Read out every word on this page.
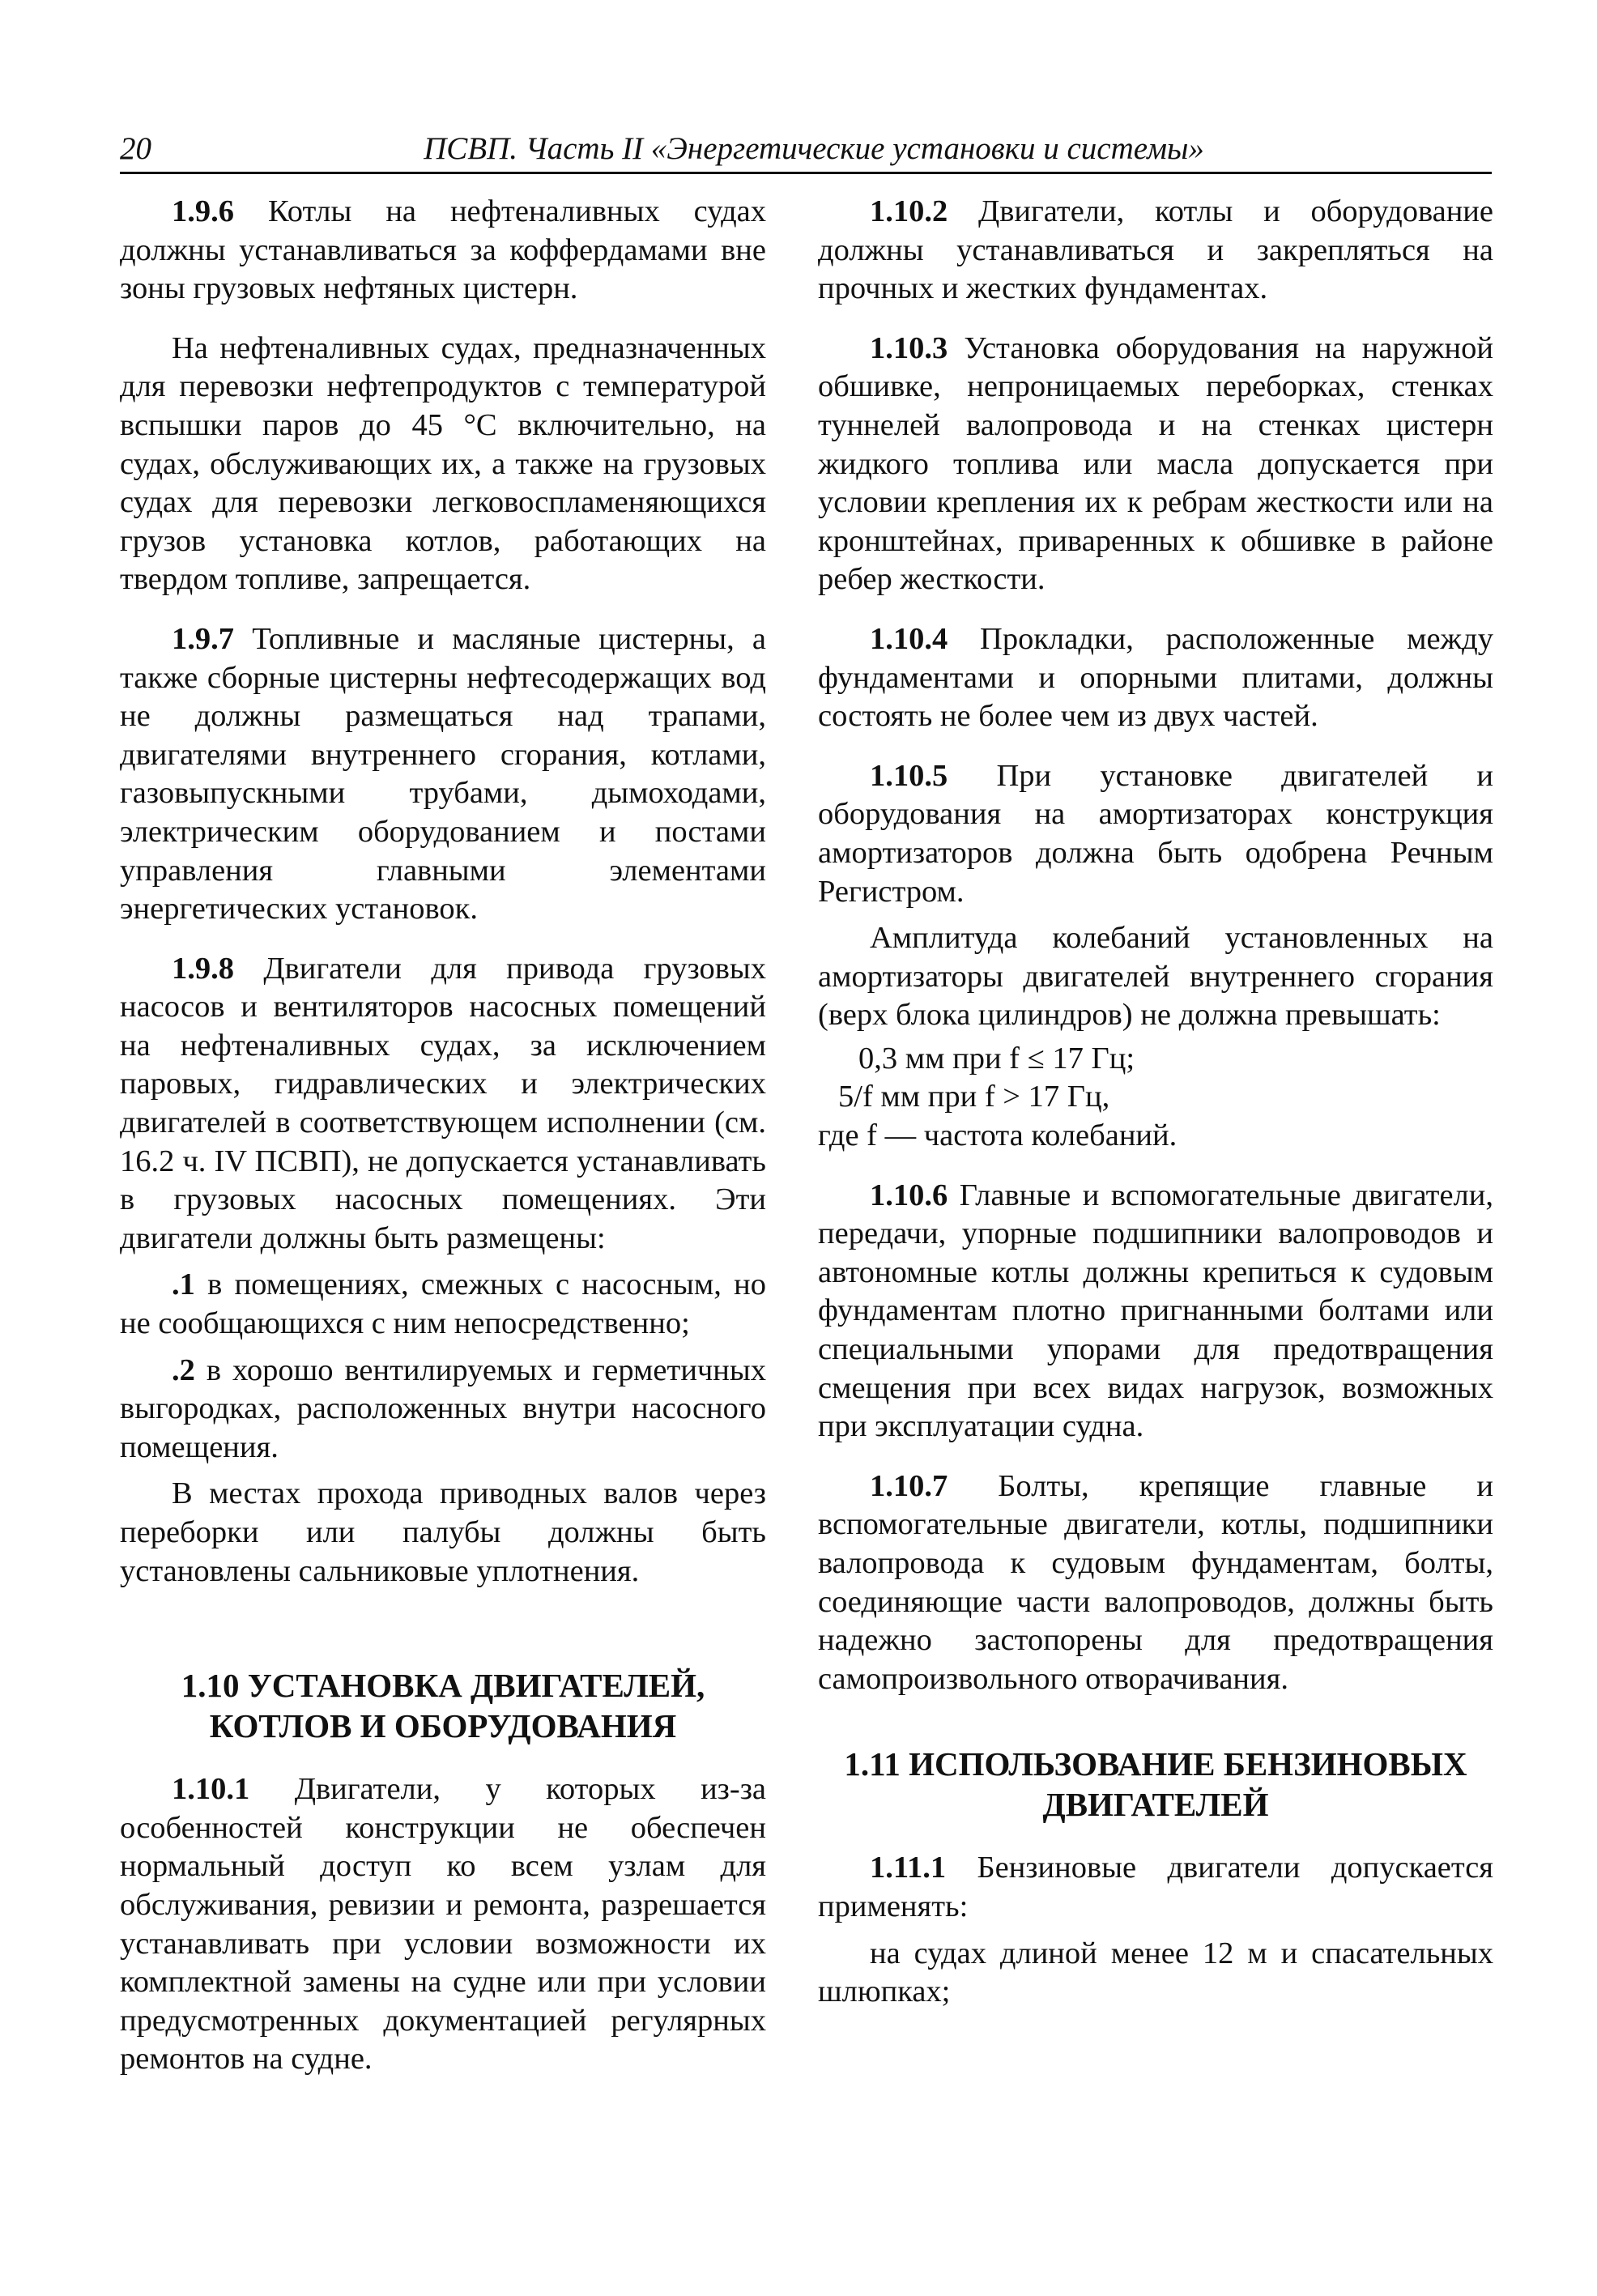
20	ПСВП. Часть II «Энергетические установки и системы»

1.9.6 Котлы на нефтеналивных судах должны устанавливаться за коффердамами вне зоны грузовых нефтяных цистерн.

На нефтеналивных судах, предназначенных для перевозки нефтепродуктов с температурой вспышки паров до 45 °C включительно, на судах, обслуживающих их, а также на грузовых судах для перевозки легковоспламеняющихся грузов установка котлов, работающих на твердом топливе, запрещается.

1.9.7 Топливные и масляные цистерны, а также сборные цистерны нефтесодержащих вод не должны размещаться над трапами, двигателями внутреннего сгорания, котлами, газовыпускными трубами, дымоходами, электрическим оборудованием и постами управления главными элементами энергетических установок.

1.9.8 Двигатели для привода грузовых насосов и вентиляторов насосных помещений на нефтеналивных судах, за исключением паровых, гидравлических и электрических двигателей в соответствующем исполнении (см. 16.2 ч. IV ПСВП), не допускается устанавливать в грузовых насосных помещениях. Эти двигатели должны быть размещены:

.1 в помещениях, смежных с насосным, но не сообщающихся с ним непосредственно;

.2 в хорошо вентилируемых и герметичных выгородках, расположенных внутри насосного помещения.

В местах прохода приводных валов через переборки или палубы должны быть установлены сальниковые уплотнения.

1.10 УСТАНОВКА ДВИГАТЕЛЕЙ,
КОТЛОВ И ОБОРУДОВАНИЯ

1.10.1 Двигатели, у которых из-за особенностей конструкции не обеспечен нормальный доступ ко всем узлам для обслуживания, ревизии и ремонта, разрешается устанавливать при условии возможности их комплектной замены на судне или при условии предусмотренных документацией регулярных ремонтов на судне.

1.10.2 Двигатели, котлы и оборудование должны устанавливаться и закрепляться на прочных и жестких фундаментах.

1.10.3 Установка оборудования на наружной обшивке, непроницаемых переборках, стенках туннелей валопровода и на стенках цистерн жидкого топлива или масла допускается при условии крепления их к ребрам жесткости или на кронштейнах, приваренных к обшивке в районе ребер жесткости.

1.10.4 Прокладки, расположенные между фундаментами и опорными плитами, должны состоять не более чем из двух частей.

1.10.5 При установке двигателей и оборудования на амортизаторах конструкция амортизаторов должна быть одобрена Речным Регистром.

Амплитуда колебаний установленных на амортизаторы двигателей внутреннего сгорания (верх блока цилиндров) не должна превышать:

0,3 мм при f ≤ 17 Гц;

5/f мм при f > 17 Гц,

где f — частота колебаний.

1.10.6 Главные и вспомогательные двигатели, передачи, упорные подшипники валопроводов и автономные котлы должны крепиться к судовым фундаментам плотно пригнанными болтами или специальными упорами для предотвращения смещения при всех видах нагрузок, возможных при эксплуатации судна.

1.10.7 Болты, крепящие главные и вспомогательные двигатели, котлы, подшипники валопровода к судовым фундаментам, болты, соединяющие части валопроводов, должны быть надежно застопорены для предотвращения самопроизвольного отворачивания.

1.11 ИСПОЛЬЗОВАНИЕ БЕНЗИНОВЫХ
ДВИГАТЕЛЕЙ

1.11.1 Бензиновые двигатели допускается применять:

на судах длиной менее 12 м и спасательных шлюпках;
